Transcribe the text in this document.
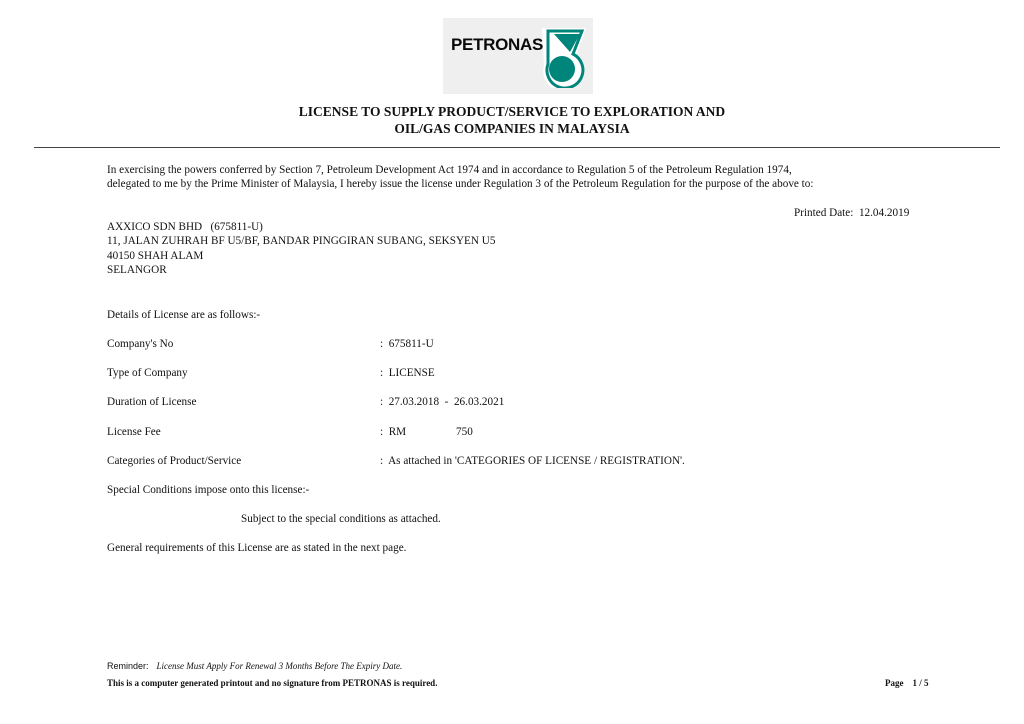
PETRONAS
LICENSE TO SUPPLY PRODUCT/SERVICE TO EXPLORATION AND
OIL/GAS COMPANIES IN MALAYSIA
In exercising the powers conferred by Section 7, Petroleum Development Act 1974 and in accordance to Regulation 5 of the Petroleum Regulation 1974,
delegated to me by the Prime Minister of Malaysia, I hereby issue the license under Regulation 3 of the Petroleum Regulation for the purpose of the above to:
Printed Date: 12.04.2019
AXXICO SDN BHD   (675811-U)
11, JALAN ZUHRAH BF U5/BF, BANDAR PINGGIRAN SUBANG, SEKSYEN U5
40150 SHAH ALAM
SELANGOR
Details of License are as follows:-
Company's No	:  675811-U
Type of Company	:  LICENSE
Duration of License	:  27.03.2018  -  26.03.2021
License Fee	:  RM	750
Categories of Product/Service	:  As attached in 'CATEGORIES OF LICENSE / REGISTRATION'.
Special Conditions impose onto this license:-
Subject to the special conditions as attached.
General requirements of this License are as stated in the next page.
Reminder: License Must Apply For Renewal 3 Months Before The Expiry Date.
This is a computer generated printout and no signature from PETRONAS is required.	Page 1 / 5
